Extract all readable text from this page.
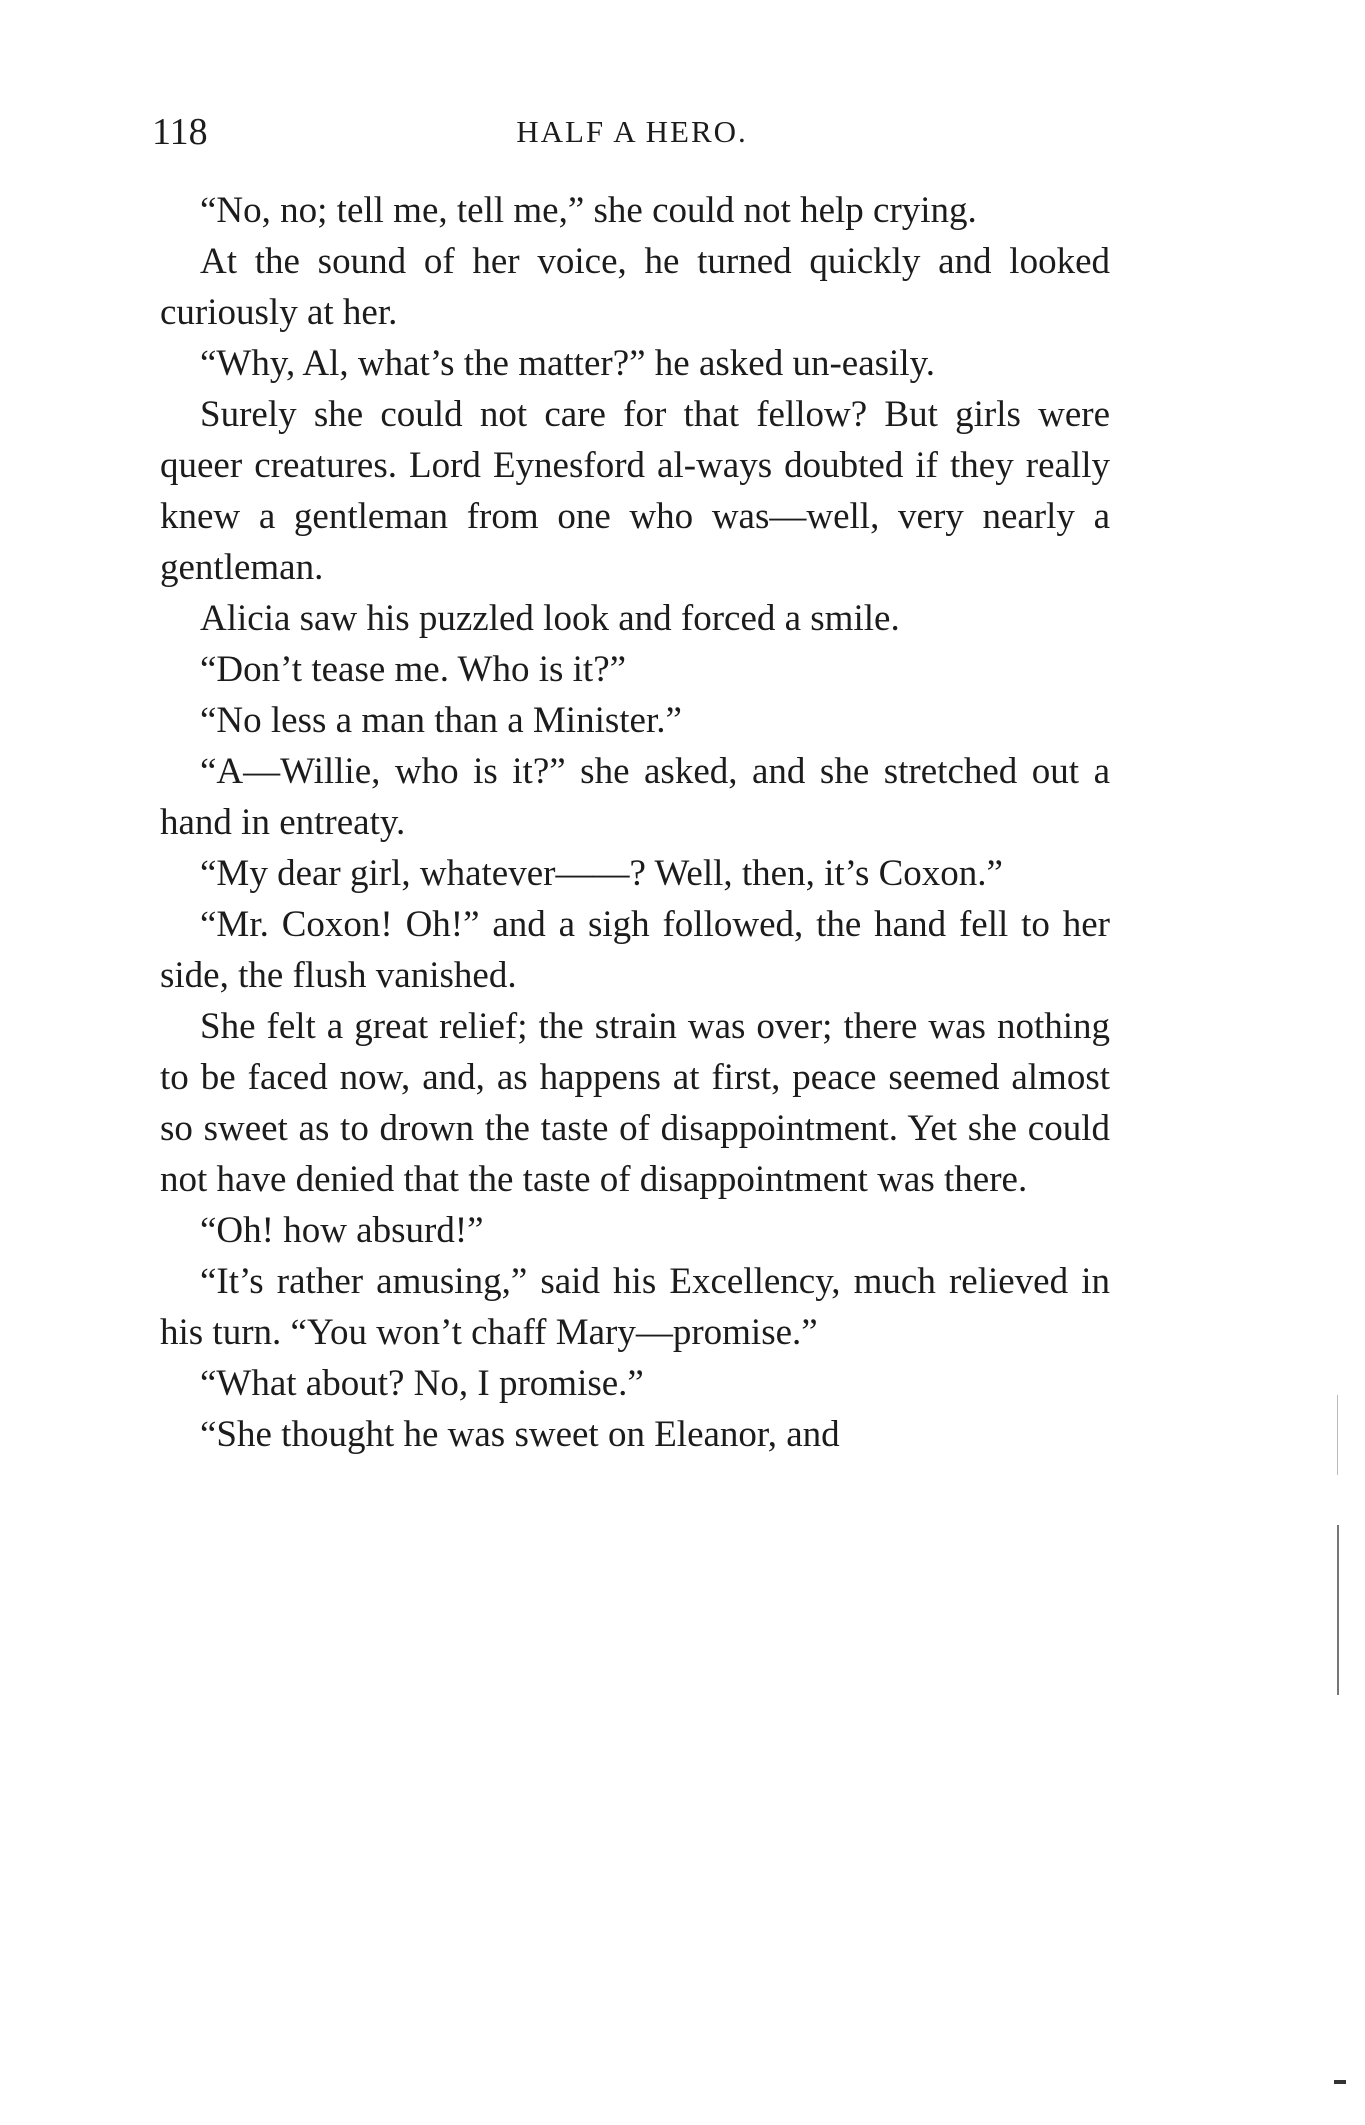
118	HALF A HERO.

“No, no; tell me, tell me,” she could not help crying.

At the sound of her voice, he turned quickly and looked curiously at her.

“Why, Al, what’s the matter?” he asked un-easily.

Surely she could not care for that fellow? But girls were queer creatures. Lord Eynesford al-ways doubted if they really knew a gentleman from one who was—well, very nearly a gentleman.

Alicia saw his puzzled look and forced a smile.

“Don’t tease me. Who is it?”

“No less a man than a Minister.”

“A—Willie, who is it?” she asked, and she stretched out a hand in entreaty.

“My dear girl, whatever——? Well, then, it’s Coxon.”

“Mr. Coxon! Oh!” and a sigh followed, the hand fell to her side, the flush vanished.

She felt a great relief; the strain was over; there was nothing to be faced now, and, as happens at first, peace seemed almost so sweet as to drown the taste of disappointment. Yet she could not have denied that the taste of disappointment was there.

“Oh! how absurd!”

“It’s rather amusing,” said his Excellency, much relieved in his turn. “You won’t chaff Mary—promise.”

“What about? No, I promise.”

“She thought he was sweet on Eleanor, and
